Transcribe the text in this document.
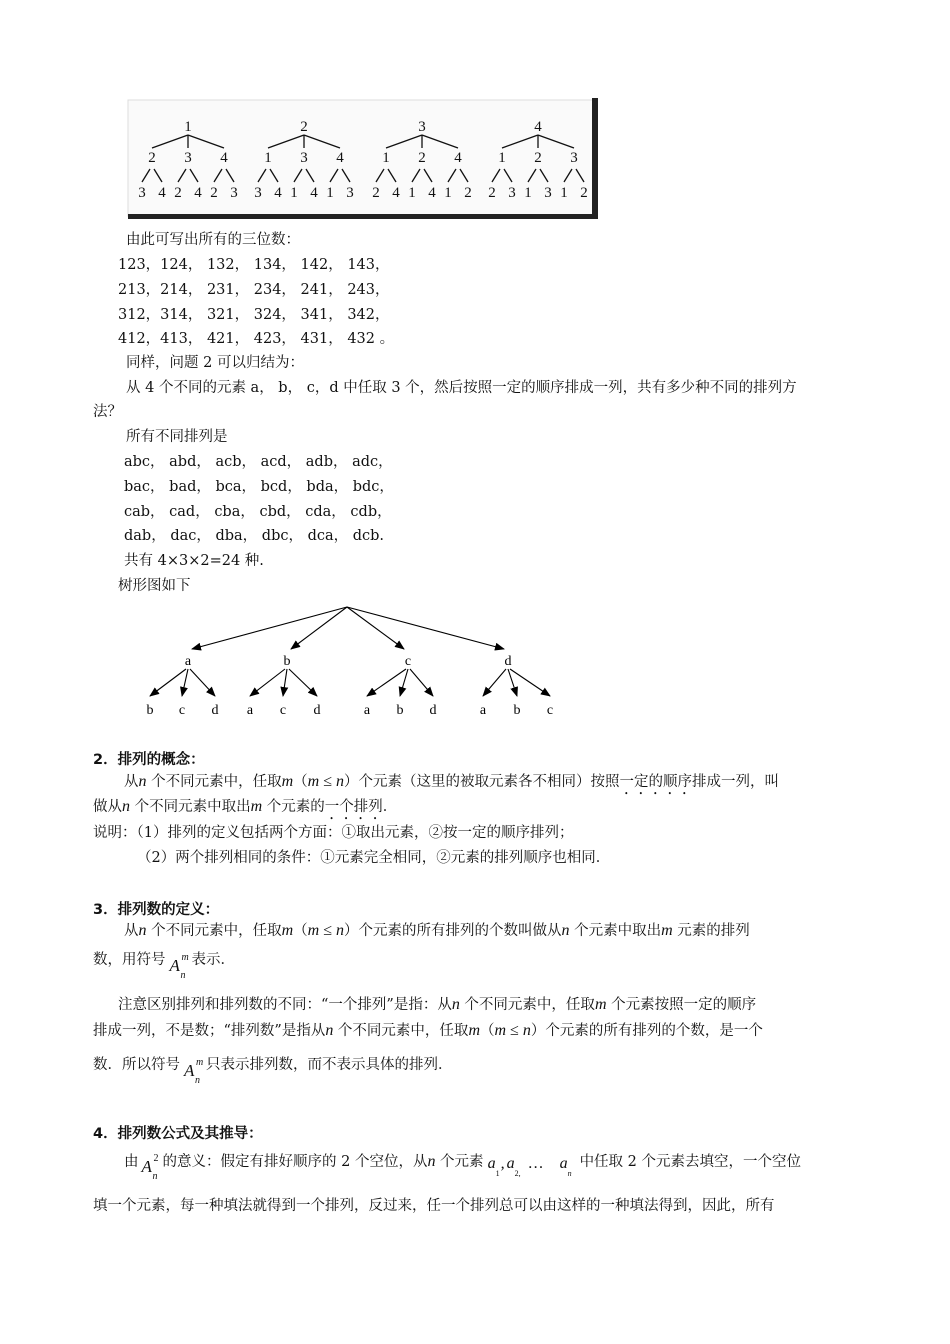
1
2
3 4
3
2 4
4
2 3
2
1
3 4
3
1 4
4
1 3
3
1
2 4
2
1 4
4
1 2
4
1
2 3
2
1 3
3
1 2
由此可写出所有的三位数：
123，124， 132， 134， 142， 143，
213，214， 231， 234， 241， 243，
312，314， 321， 324， 341， 342，
412，413， 421， 423， 431， 432 。
同样，问题 2 可以归结为：
从 4 个不同的元素 a， b， c，d 中任取 3 个，然后按照一定的顺序排成一列，共有多少种不同的排列方
法？
所有不同排列是
abc， abd， acb， acd， adb， adc，
bac， bad， bca， bcd， bda， bdc，
cab， cad， cba， cbd， cda， cdb，
dab， dac， dba， dbc， dca， dcb.
共有 4×3×2=24 种.
树形图如下
a
b c d
b
a c d
c
a b d
d
a b c
2．排列的概念：
从n 个不同元素中，任取m（m ≤ n）个元素（这里的被取元素各不相同）按照一定的顺序排成一列，叫
做从n 个不同元素中取出m 个元素的一个排列．
说明：（1）排列的定义包括两个方面：①取出元素，②按一定的顺序排列；
（2）两个排列相同的条件：①元素完全相同，②元素的排列顺序也相同．
3．排列数的定义：
从n 个不同元素中，任取m（m ≤ n）个元素的所有排列的个数叫做从n 个元素中取出m 元素的排列
数，用符号 A m
n
表示．
注意区别排列和排列数的不同：“一个排列”是指：从n 个不同元素中，任取m 个元素按照一定的顺序
排成一列，不是数；“排列数”是指从n 个不同元素中，任取m（m ≤ n）个元素的所有排列的个数，是一个
数．所以符号 A m
n
只表示排列数，而不表示具体的排列．
4．排列数公式及其推导：
由 A 2
n
的意义：假定有排好顺序的 2 个空位，从n 个元素 a
1
, a
2,
… a
n
中任取 2 个元素去填空，一个空位
填一个元素，每一种填法就得到一个排列，反过来，任一个排列总可以由这样的一种填法得到，因此，所有
